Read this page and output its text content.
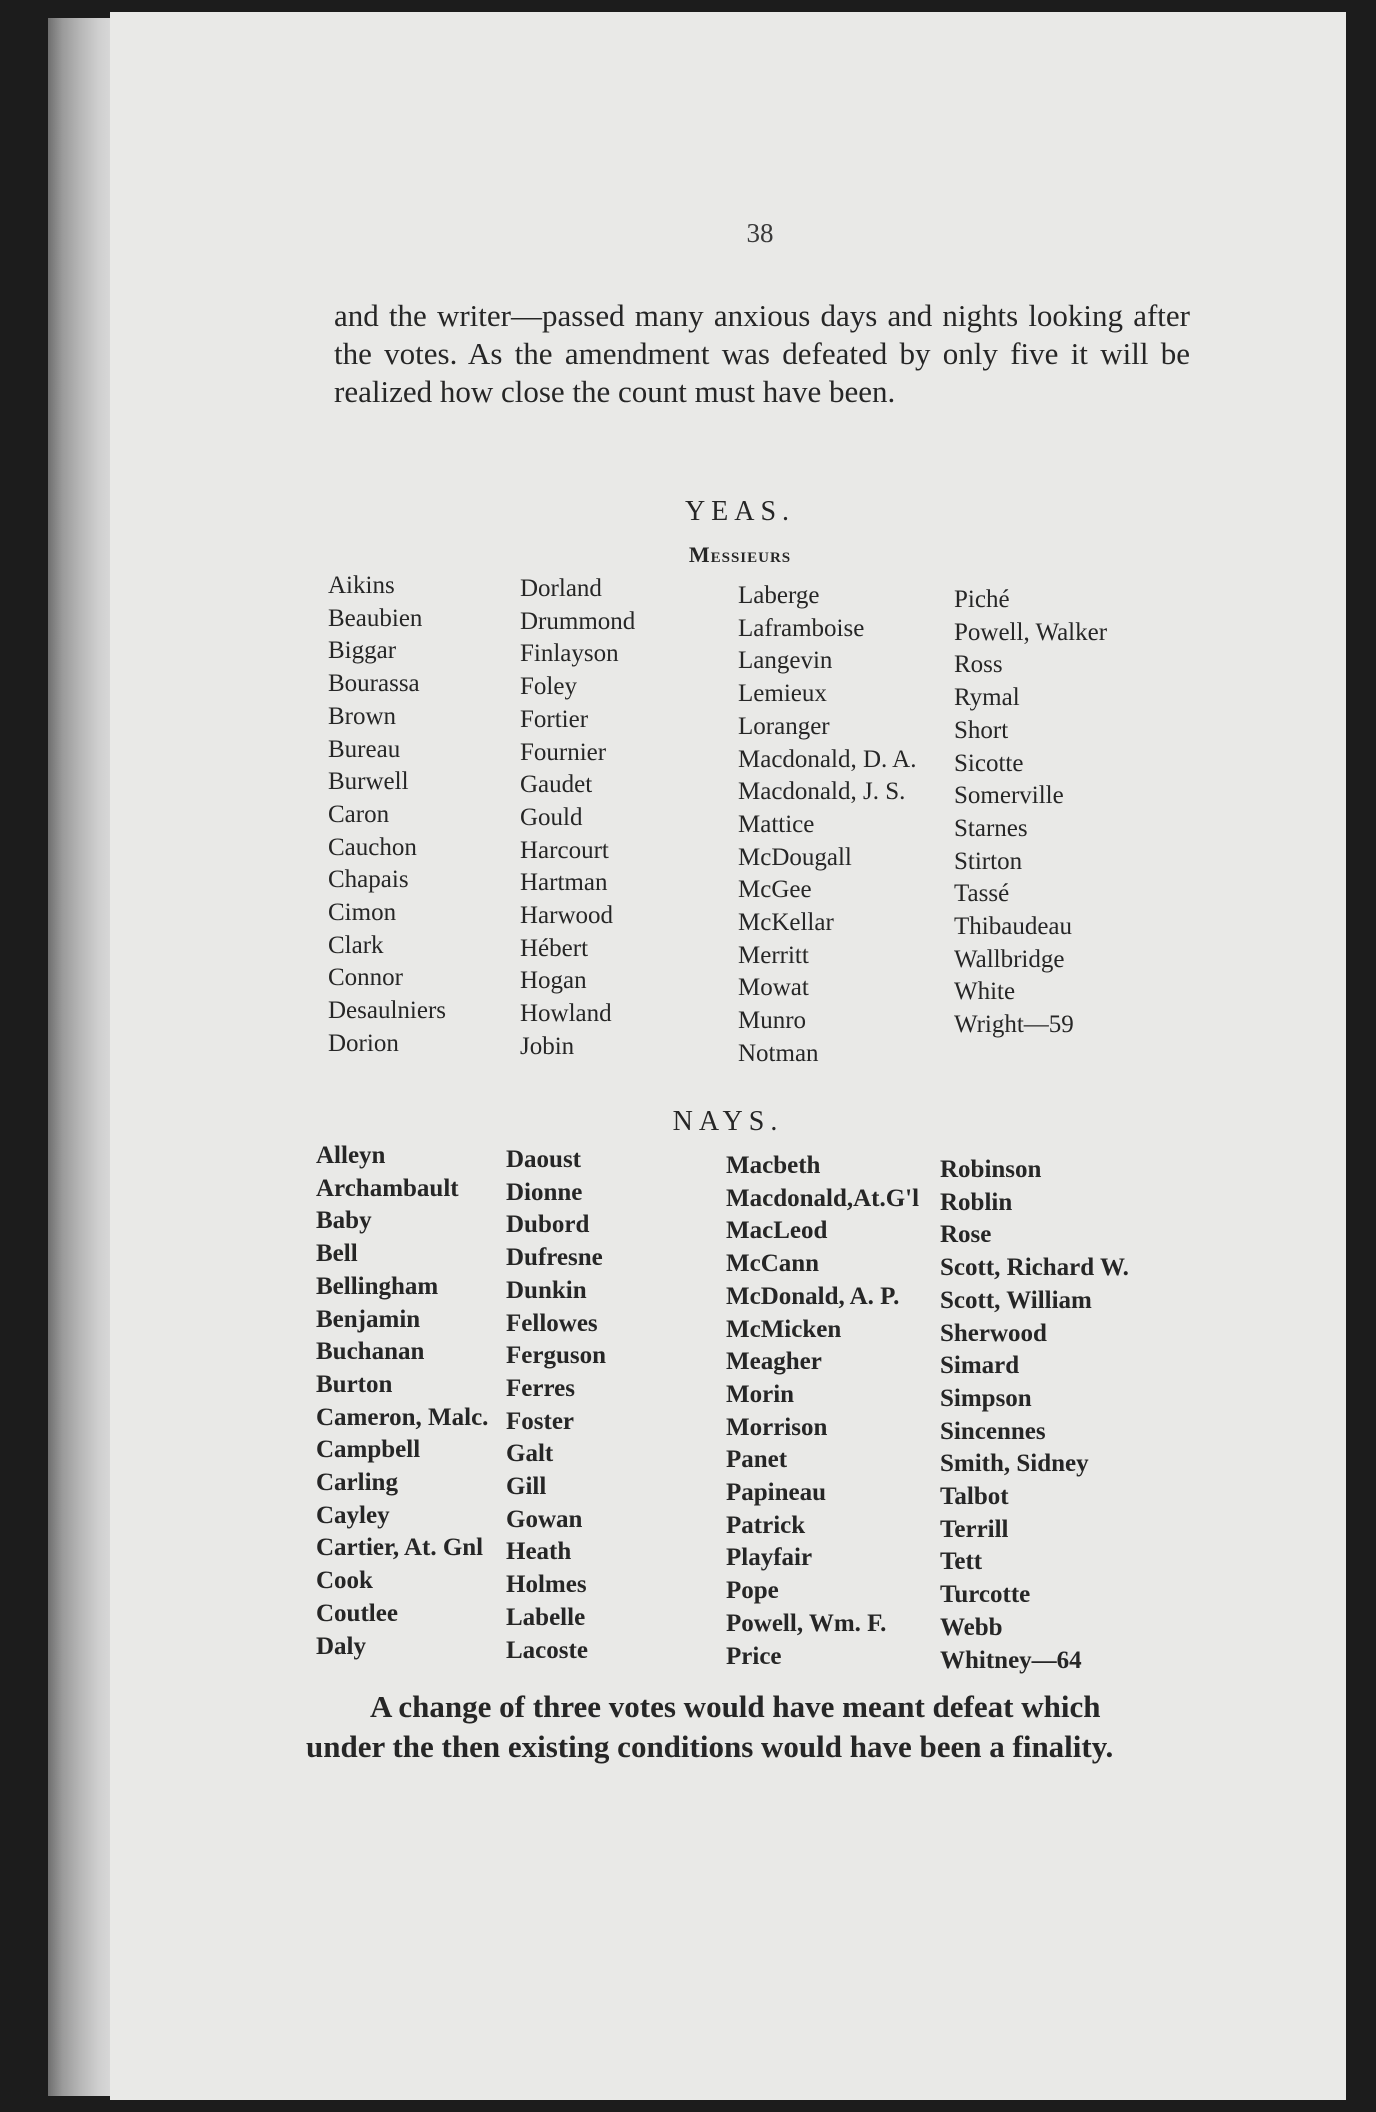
38

and the writer—passed many anxious days and nights looking after the votes. As the amendment was defeated by only five it will be realized how close the count must have been.

YEAS.
Messieurs
Aikins
Beaubien
Biggar
Bourassa
Brown
Bureau
Burwell
Caron
Cauchon
Chapais
Cimon
Clark
Connor
Desaulniers
Dorion
Dorland
Drummond
Finlayson
Foley
Fortier
Fournier
Gaudet
Gould
Harcourt
Hartman
Harwood
Hébert
Hogan
Howland
Jobin
Laberge
Laframboise
Langevin
Lemieux
Loranger
Macdonald, D. A.
Macdonald, J. S.
Mattice
McDougall
McGee
McKellar
Merritt
Mowat
Munro
Notman
Piché
Powell, Walker
Ross
Rymal
Short
Sicotte
Somerville
Starnes
Stirton
Tassé
Thibaudeau
Wallbridge
White
Wright—59
NAYS.
Alleyn
Archambault
Baby
Bell
Bellingham
Benjamin
Buchanan
Burton
Cameron, Malc.
Campbell
Carling
Cayley
Cartier, At. Gnl
Cook
Coutlee
Daly
Daoust
Dionne
Dubord
Dufresne
Dunkin
Fellowes
Ferguson
Ferres
Foster
Galt
Gill
Gowan
Heath
Holmes
Labelle
Lacoste
Macbeth
Macdonald,At.G'l
MacLeod
McCann
McDonald, A. P.
McMicken
Meagher
Morin
Morrison
Panet
Papineau
Patrick
Playfair
Pope
Powell, Wm. F.
Price
Robinson
Roblin
Rose
Scott, Richard W.
Scott, William
Sherwood
Simard
Simpson
Sincennes
Smith, Sidney
Talbot
Terrill
Tett
Turcotte
Webb
Whitney—64

A change of three votes would have meant defeat which under the then existing conditions would have been a finality.
